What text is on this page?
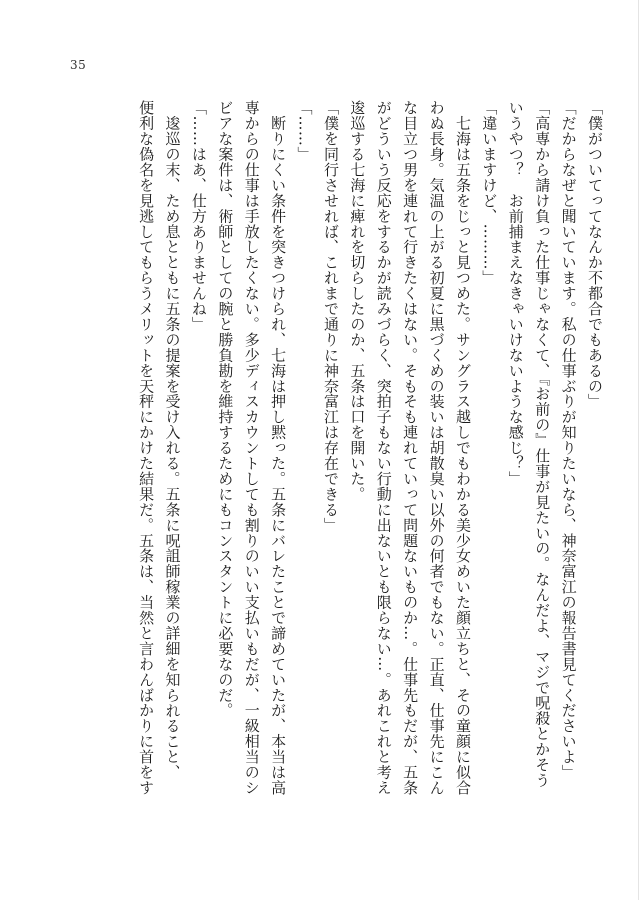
35
「僕がついてってなんか不都合でもあるの」
「だからなぜと聞いています。私の仕事ぶりが知りたいなら、神奈富江の報告書見てくださいよ」
「高専から請け負った仕事じゃなくて、『お前の』仕事が見たいの。なんだよ、マジで呪殺とかそう
いうやつ？　お前捕まえなきゃいけないような感じ？」
「違いますけど、………」
　七海は五条をじっと見つめた。サングラス越しでもわかる美少女めいた顔立ちと、その童顔に似合
わぬ長身。気温の上がる初夏に黒づくめの装いは胡散臭い以外の何者でもない。正直、仕事先にこん
な目立つ男を連れて行きたくはない。そもそも連れていって問題ないものか…。仕事先もだが、五条
がどういう反応をするかが読みづらく、突拍子もない行動に出ないとも限らない…。あれこれと考え
逡巡する七海に痺れを切らしたのか、五条は口を開いた。
「僕を同行させれば、これまで通りに神奈富江は存在できる」
「……」
　断りにくい条件を突きつけられ、七海は押し黙った。五条にバレたことで諦めていたが、本当は高
専からの仕事は手放したくない。多少ディスカウントしても割りのいい支払いもだが、一級相当のシ
ビアな案件は、術師としての腕と勝負勘を維持するためにもコンスタントに必要なのだ。
「……はあ、仕方ありませんね」
　逡巡の末、ため息とともに五条の提案を受け入れる。五条に呪詛師稼業の詳細を知られること、
便利な偽名を見逃してもらうメリットを天秤にかけた結果だ。五条は、当然と言わんばかりに首をす
